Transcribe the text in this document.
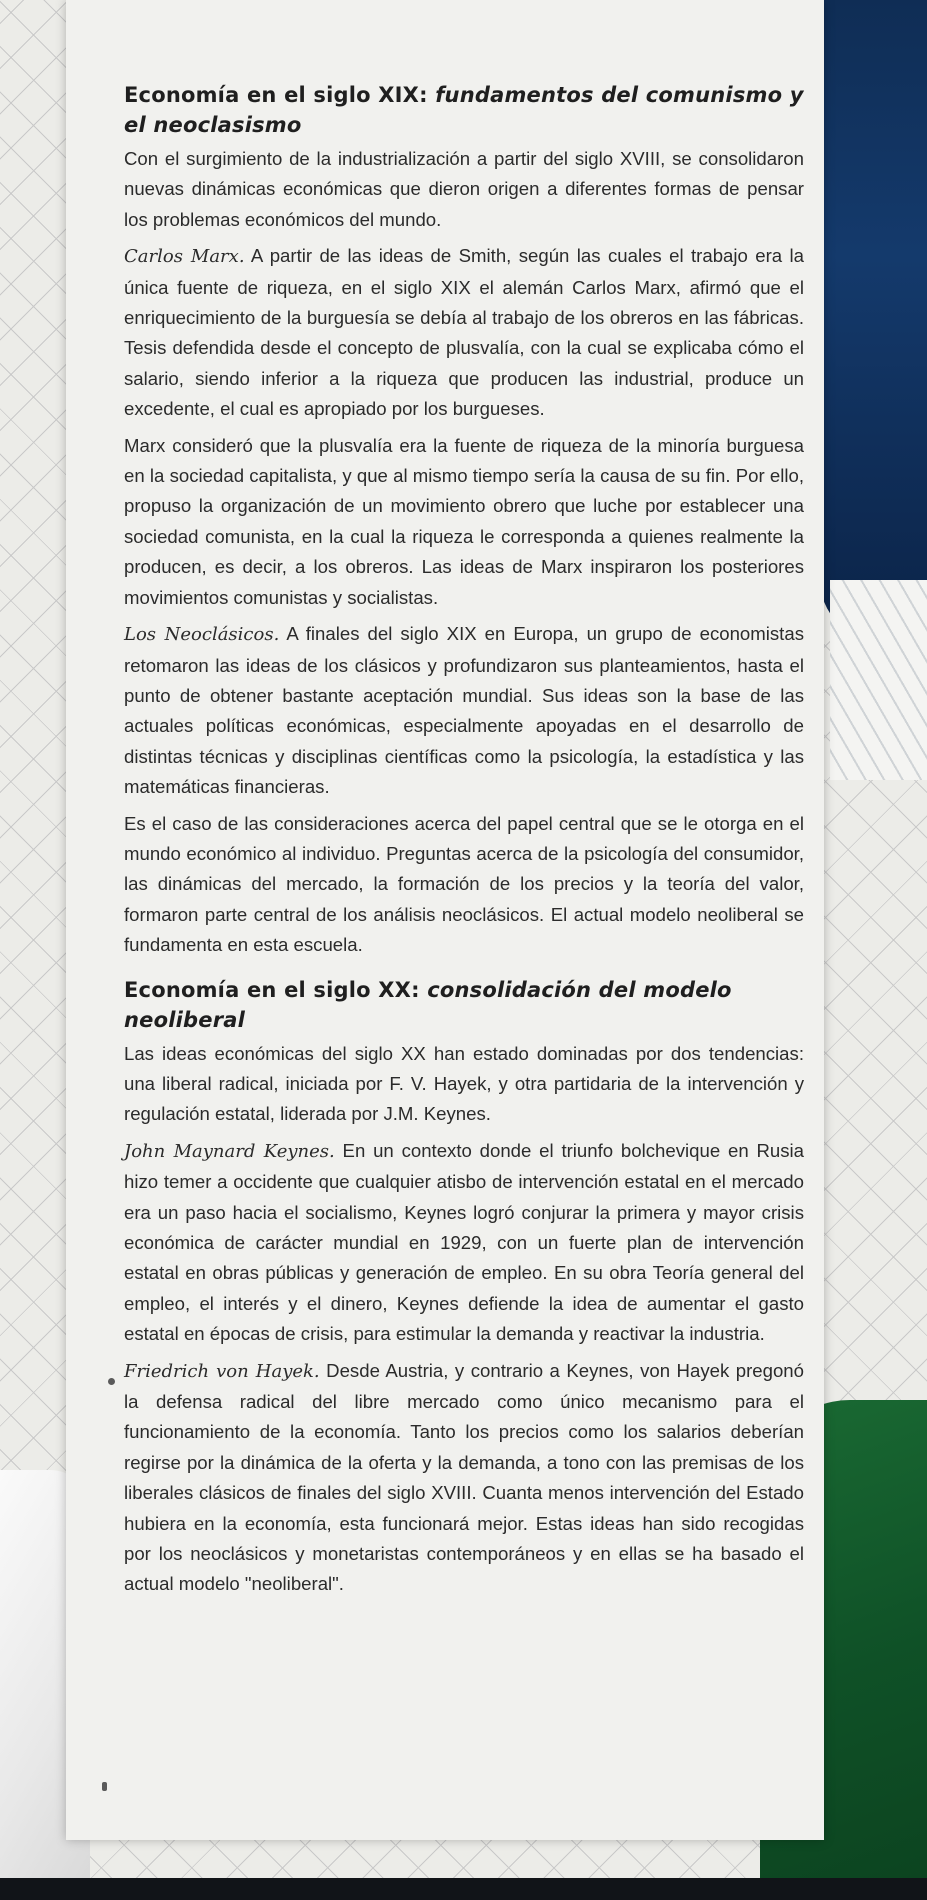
Economía en el siglo XIX: fundamentos del comunismo y el neoclasismo

Con el surgimiento de la industrialización a partir del siglo XVIII, se consolidaron nuevas dinámicas económicas que dieron origen a diferentes formas de pensar los problemas económicos del mundo.

Carlos Marx. A partir de las ideas de Smith, según las cuales el trabajo era la única fuente de riqueza, en el siglo XIX el alemán Carlos Marx, afirmó que el enriquecimiento de la burguesía se debía al trabajo de los obreros en las fábricas. Tesis defendida desde el concepto de plusvalía, con la cual se explicaba cómo el salario, siendo inferior a la riqueza que producen las industrial, produce un excedente, el cual es apropiado por los burgueses.

Marx consideró que la plusvalía era la fuente de riqueza de la minoría burguesa en la sociedad capitalista, y que al mismo tiempo sería la causa de su fin. Por ello, propuso la organización de un movimiento obrero que luche por establecer una sociedad comunista, en la cual la riqueza le corresponda a quienes realmente la producen, es decir, a los obreros. Las ideas de Marx inspiraron los posteriores movimientos comunistas y socialistas.

Los Neoclásicos. A finales del siglo XIX en Europa, un grupo de economistas retomaron las ideas de los clásicos y profundizaron sus planteamientos, hasta el punto de obtener bastante aceptación mundial. Sus ideas son la base de las actuales políticas económicas, especialmente apoyadas en el desarrollo de distintas técnicas y disciplinas científicas como la psicología, la estadística y las matemáticas financieras.

Es el caso de las consideraciones acerca del papel central que se le otorga en el mundo económico al individuo. Preguntas acerca de la psicología del consumidor, las dinámicas del mercado, la formación de los precios y la teoría del valor, formaron parte central de los análisis neoclásicos. El actual modelo neoliberal se fundamenta en esta escuela.

Economía en el siglo XX: consolidación del modelo neoliberal

Las ideas económicas del siglo XX han estado dominadas por dos tendencias: una liberal radical, iniciada por F. V. Hayek, y otra partidaria de la intervención y regulación estatal, liderada por J.M. Keynes.

John Maynard Keynes. En un contexto donde el triunfo bolchevique en Rusia hizo temer a occidente que cualquier atisbo de intervención estatal en el mercado era un paso hacia el socialismo, Keynes logró conjurar la primera y mayor crisis económica de carácter mundial en 1929, con un fuerte plan de intervención estatal en obras públicas y generación de empleo. En su obra Teoría general del empleo, el interés y el dinero, Keynes defiende la idea de aumentar el gasto estatal en épocas de crisis, para estimular la demanda y reactivar la industria.

Friedrich von Hayek. Desde Austria, y contrario a Keynes, von Hayek pregonó la defensa radical del libre mercado como único mecanismo para el funcionamiento de la economía. Tanto los precios como los salarios deberían regirse por la dinámica de la oferta y la demanda, a tono con las premisas de los liberales clásicos de finales del siglo XVIII. Cuanta menos intervención del Estado hubiera en la economía, esta funcionará mejor. Estas ideas han sido recogidas por los neoclásicos y monetaristas contemporáneos y en ellas se ha basado el actual modelo "neoliberal".
